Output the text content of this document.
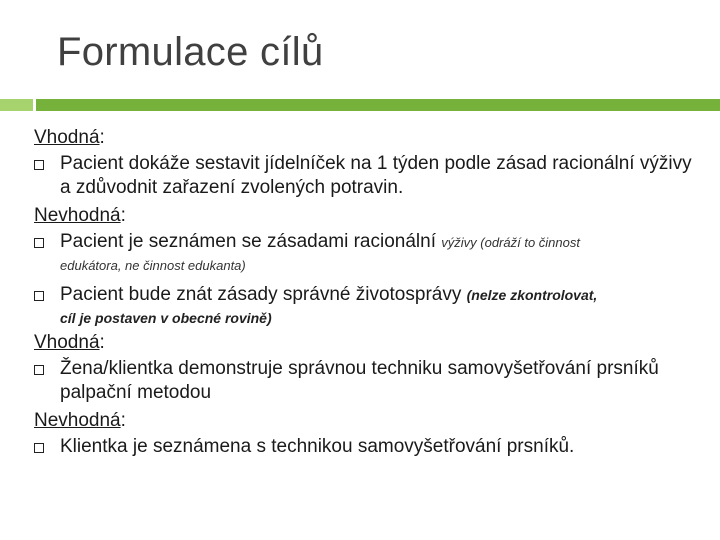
Formulace cílů
Vhodná:
Pacient dokáže sestavit jídelníček na 1 týden podle zásad racionální výživy a zdůvodnit zařazení zvolených potravin.
Nevhodná:
Pacient je seznámen se zásadami racionální výživy (odráží to činnost
edukátora, ne činnost edukanta)
Pacient bude znát zásady správné životosprávy (nelze zkontrolovat,
cíl je postaven v obecné rovině)
Vhodná:
Žena/klientka demonstruje správnou techniku samovyšetřování prsníků palpační metodou
Nevhodná:
Klientka je seznámena s technikou samovyšetřování prsníků.
